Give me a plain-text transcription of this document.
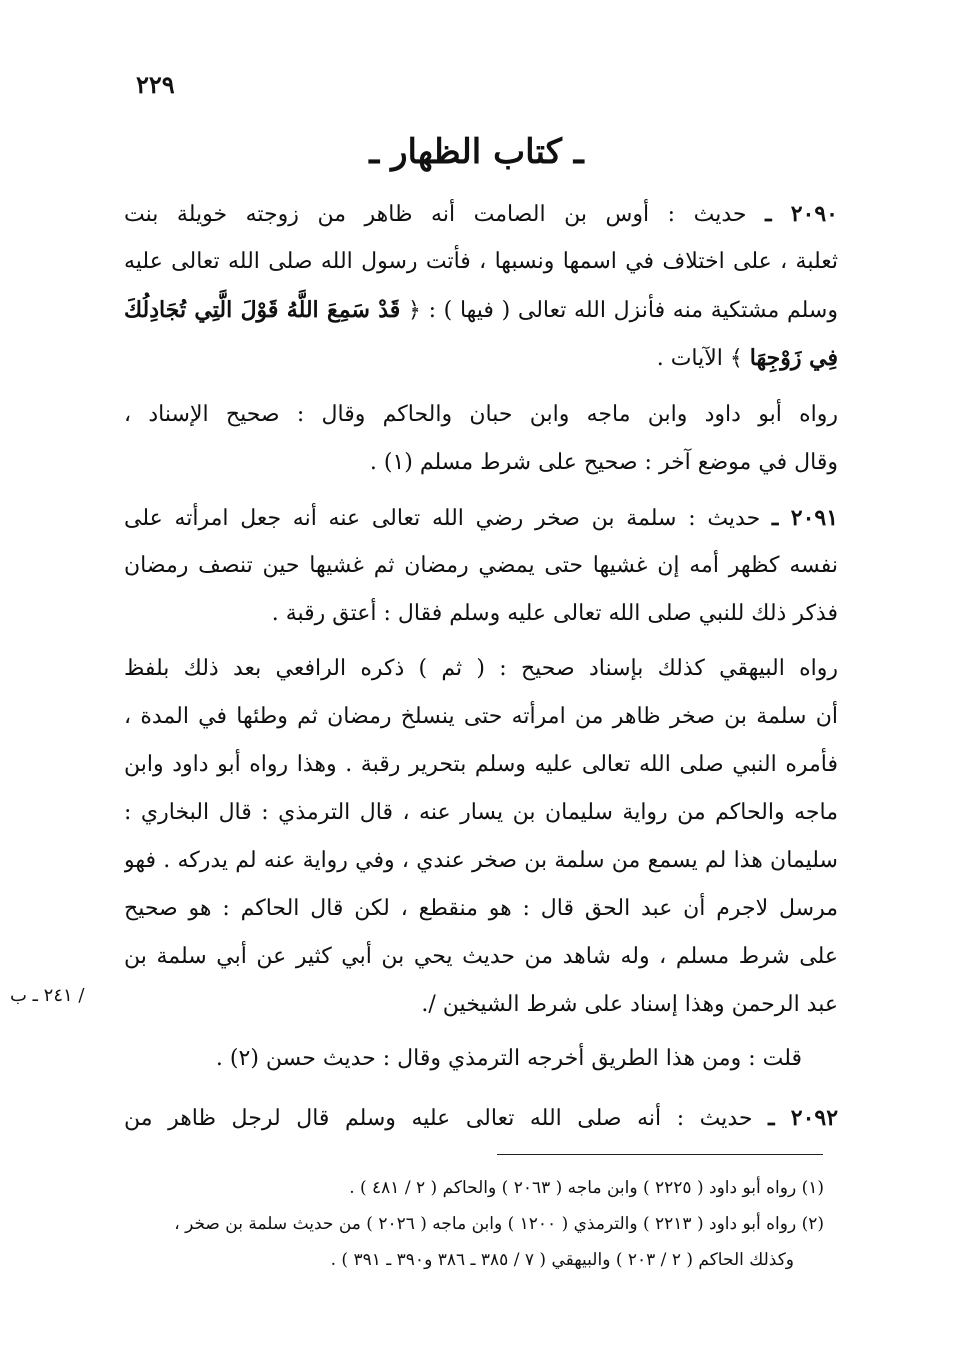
٢٢٩
ـ كتاب الظهار ـ
٢٠٩٠ ـ حديث : أوس بن الصامت أنه ظاهر من زوجته خويلة بنت
ثعلبة ، على اختلاف في اسمها ونسبها ، فأتت رسول الله صلى الله تعالى عليه
وسلم مشتكية منه فأنزل الله تعالى ( فيها ) : ﴿ قَدْ سَمِعَ اللَّهُ قَوْلَ الَّتِي تُجَادِلُكَ
فِي زَوْجِهَا ﴾ الآيات .
رواه أبو داود وابن ماجه وابن حبان والحاكم وقال : صحيح الإسناد ،
وقال في موضع آخر : صحيح على شرط مسلم (١) .
٢٠٩١ ـ حديث : سلمة بن صخر رضي الله تعالى عنه أنه جعل امرأته على
نفسه كظهر أمه إن غشيها حتى يمضي رمضان ثم غشيها حين تنصف رمضان
فذكر ذلك للنبي صلى الله تعالى عليه وسلم فقال : أعتق رقبة .
رواه البيهقي كذلك بإسناد صحيح : ( ثم ) ذكره الرافعي بعد ذلك بلفظ
أن سلمة بن صخر ظاهر من امرأته حتى ينسلخ رمضان ثم وطئها في المدة ،
فأمره النبي صلى الله تعالى عليه وسلم بتحرير رقبة . وهذا رواه أبو داود وابن
ماجه والحاكم من رواية سليمان بن يسار عنه ، قال الترمذي : قال البخاري :
سليمان هذا لم يسمع من سلمة بن صخر عندي ، وفي رواية عنه لم يدركه . فهو
مرسل لاجرم أن عبد الحق قال : هو منقطع ، لكن قال الحاكم : هو صحيح
على شرط مسلم ، وله شاهد من حديث يحي بن أبي كثير عن أبي سلمة بن
عبد الرحمن وهذا إسناد على شرط الشيخين /.
/ ٢٤١ ـ ب
قلت : ومن هذا الطريق أخرجه الترمذي وقال : حديث حسن (٢) .
٢٠٩٢ ـ حديث : أنه صلى الله تعالى عليه وسلم قال لرجل ظاهر من
(١) رواه أبو داود ( ٢٢٢٥ ) وابن ماجه ( ٢٠٦٣ ) والحاكم ( ٢ / ٤٨١ ) .
(٢) رواه أبو داود ( ٢٢١٣ ) والترمذي ( ١٢٠٠ ) وابن ماجه ( ٢٠٢٦ ) من حديث سلمة بن صخر ،
وكذلك الحاكم ( ٢ / ٢٠٣ ) والبيهقي ( ٧ / ٣٨٥ ـ ٣٨٦ و٣٩٠ ـ ٣٩١ ) .
